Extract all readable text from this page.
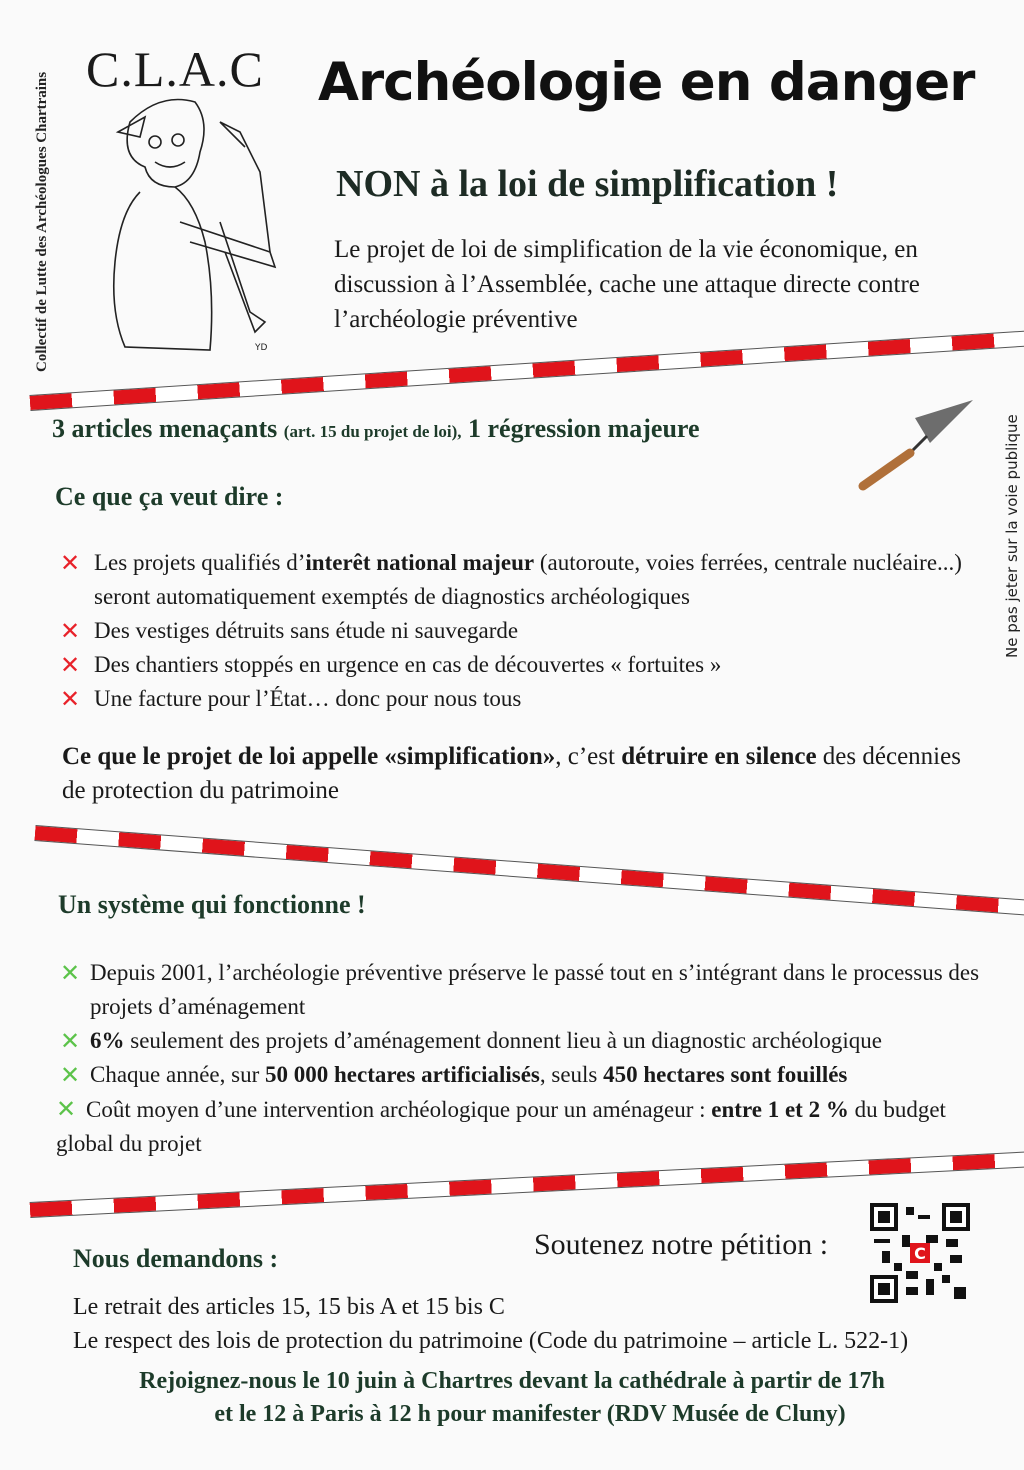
Collectif de Lutte des Archéologues Chartrains
Ne pas jeter sur la voie publique
C.L.A.C
YD
Archéologie en danger
NON à la loi de simplification !
Le projet de loi de simplification de la vie économique, en discussion à l’Assemblée, cache une attaque directe contre l’archéologie préventive
3 articles menaçants (art. 15 du projet de loi), 1 régression majeure
Ce que ça veut dire :
✕ Les projets qualifiés d’interêt national majeur (autoroute, voies ferrées, centrale nucléaire...) seront automatiquement exemptés de diagnostics archéologiques
✕ Des vestiges détruits sans étude ni sauvegarde
✕ Des chantiers stoppés en urgence en cas de découvertes « fortuites »
✕ Une facture pour l’État… donc pour nous tous
Ce que le projet de loi appelle «simplification», c’est détruire en silence des décennies de protection du patrimoine
Un système qui fonctionne !
✕ Depuis 2001, l’archéologie préventive préserve le passé tout en s’intégrant dans le processus des projets d’aménagement
✕ 6% seulement des projets d’aménagement donnent lieu à un diagnostic archéologique
✕ Chaque année, sur 50 000 hectares artificialisés, seuls 450 hectares sont fouillés
✕ Coût moyen d’une intervention archéologique pour un aménageur : entre 1 et 2 % du budget global du projet
Soutenez notre pétition :	C
Nous demandons :
Le retrait des articles 15, 15 bis A et 15 bis C
Le respect des lois de protection du patrimoine (Code du patrimoine – article L. 522-1)
Rejoignez-nous le 10 juin à Chartres devant la cathédrale à partir de 17h
et le 12 à Paris à 12 h pour manifester (RDV Musée de Cluny)
